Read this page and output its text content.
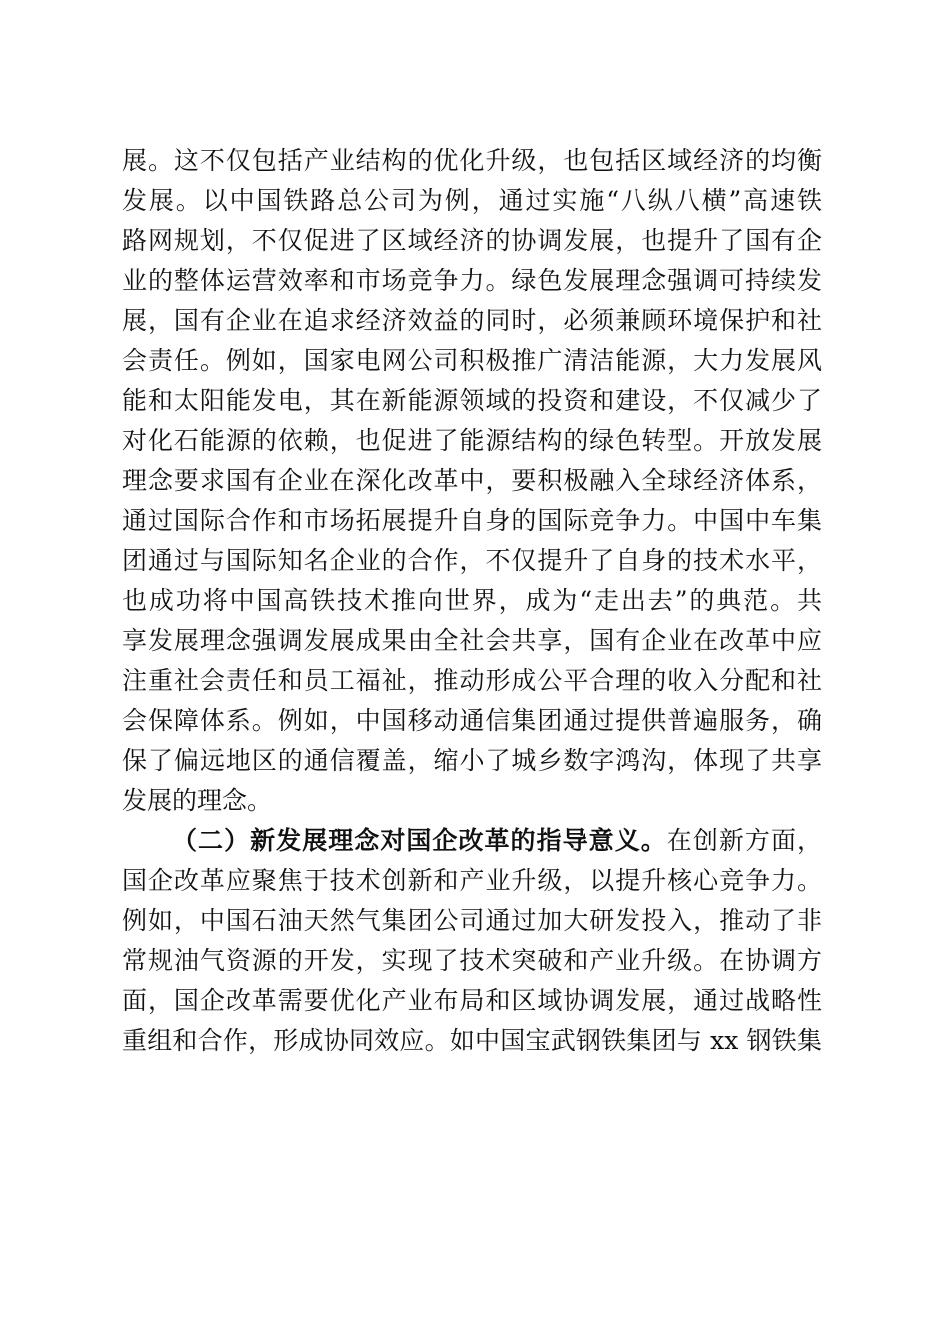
展。这不仅包括产业结构的优化升级，也包括区域经济的均衡
发展。以中国铁路总公司为例，通过实施“八纵八横”高速铁
路网规划，不仅促进了区域经济的协调发展，也提升了国有企
业的整体运营效率和市场竞争力。绿色发展理念强调可持续发
展，国有企业在追求经济效益的同时，必须兼顾环境保护和社
会责任。例如，国家电网公司积极推广清洁能源，大力发展风
能和太阳能发电，其在新能源领域的投资和建设，不仅减少了
对化石能源的依赖，也促进了能源结构的绿色转型。开放发展
理念要求国有企业在深化改革中，要积极融入全球经济体系，
通过国际合作和市场拓展提升自身的国际竞争力。中国中车集
团通过与国际知名企业的合作，不仅提升了自身的技术水平，
也成功将中国高铁技术推向世界，成为“走出去”的典范。共
享发展理念强调发展成果由全社会共享，国有企业在改革中应
注重社会责任和员工福祉，推动形成公平合理的收入分配和社
会保障体系。例如，中国移动通信集团通过提供普遍服务，确
保了偏远地区的通信覆盖，缩小了城乡数字鸿沟，体现了共享
发展的理念。
（二）新发展理念对国企改革的指导意义。在创新方面，
国企改革应聚焦于技术创新和产业升级，以提升核心竞争力。
例如，中国石油天然气集团公司通过加大研发投入，推动了非
常规油气资源的开发，实现了技术突破和产业升级。在协调方
面，国企改革需要优化产业布局和区域协调发展，通过战略性
重组和合作，形成协同效应。如中国宝武钢铁集团与 xx 钢铁集
